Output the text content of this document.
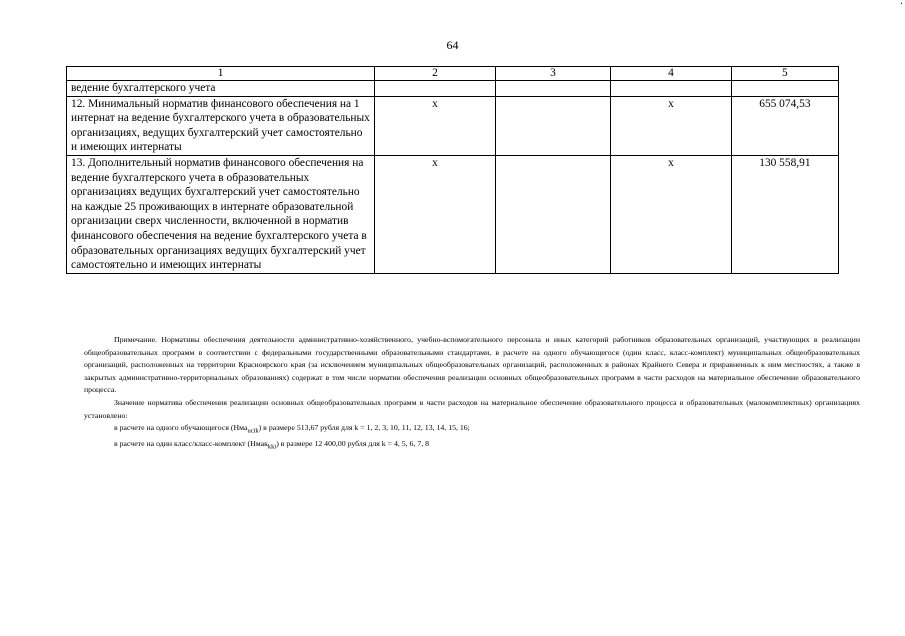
64
‧
1	2	3	4	5
ведение бухгалтерского учета				
12. Минимальный норматив финансового обеспечения на 1 интернат на ведение бухгалтерского учета в образовательных организациях, ведущих бухгалтерский учет самостоятельно и имеющих интернаты	х		х	655 074,53
13. Дополнительный норматив финансового обеспечения на ведение бухгалтерского учета в образовательных организациях ведущих бухгалтерский учет самостоятельно на каждые 25 проживающих в интернате образовательной организации сверх численности, включенной в норматив финансового обеспечения на ведение бухгалтерского учета в образовательных организациях ведущих бухгалтерский учет самостоятельно и имеющих интернаты	х		х	130 558,91

Примечание. Нормативы обеспечения деятельности административно-хозяйственного, учебно-вспомогательного персонала и иных категорий работников образовательных организаций, участвующих в реализации общеобразовательных программ в соответствии с федеральными государственными образовательными стандартами, в расчете на одного обучающегося (один класс, класс-комплект) муниципальных общеобразовательных организаций, расположенных на территории Красноярского края (за исключением муниципальных общеобразовательных организаций, расположенных в районах Крайнего Севера и приравненных к ним местностях, а также в закрытых административно-территориальных образованиях) содержат в том числе норматив обеспечения реализации основных общеобразовательных программ в части расходов на материальное обеспечение образовательного процесса.

Значение норматива обеспечения реализации основных общеобразовательных программ в части расходов на материальное обеспечение образовательного процесса в образовательных (малокомплектных) организациях установлено:

в расчете на одного обучающегося (Нма$_{ucik}$) в размере 513,67 рубля для k = 1, 2, 3, 10, 11, 12, 13, 14, 15, 16;

в расчете на один класс/класс-комплект (Нмак$_{kki}$) в размере 12 400,00 рубля для k = 4, 5, 6, 7, 8
